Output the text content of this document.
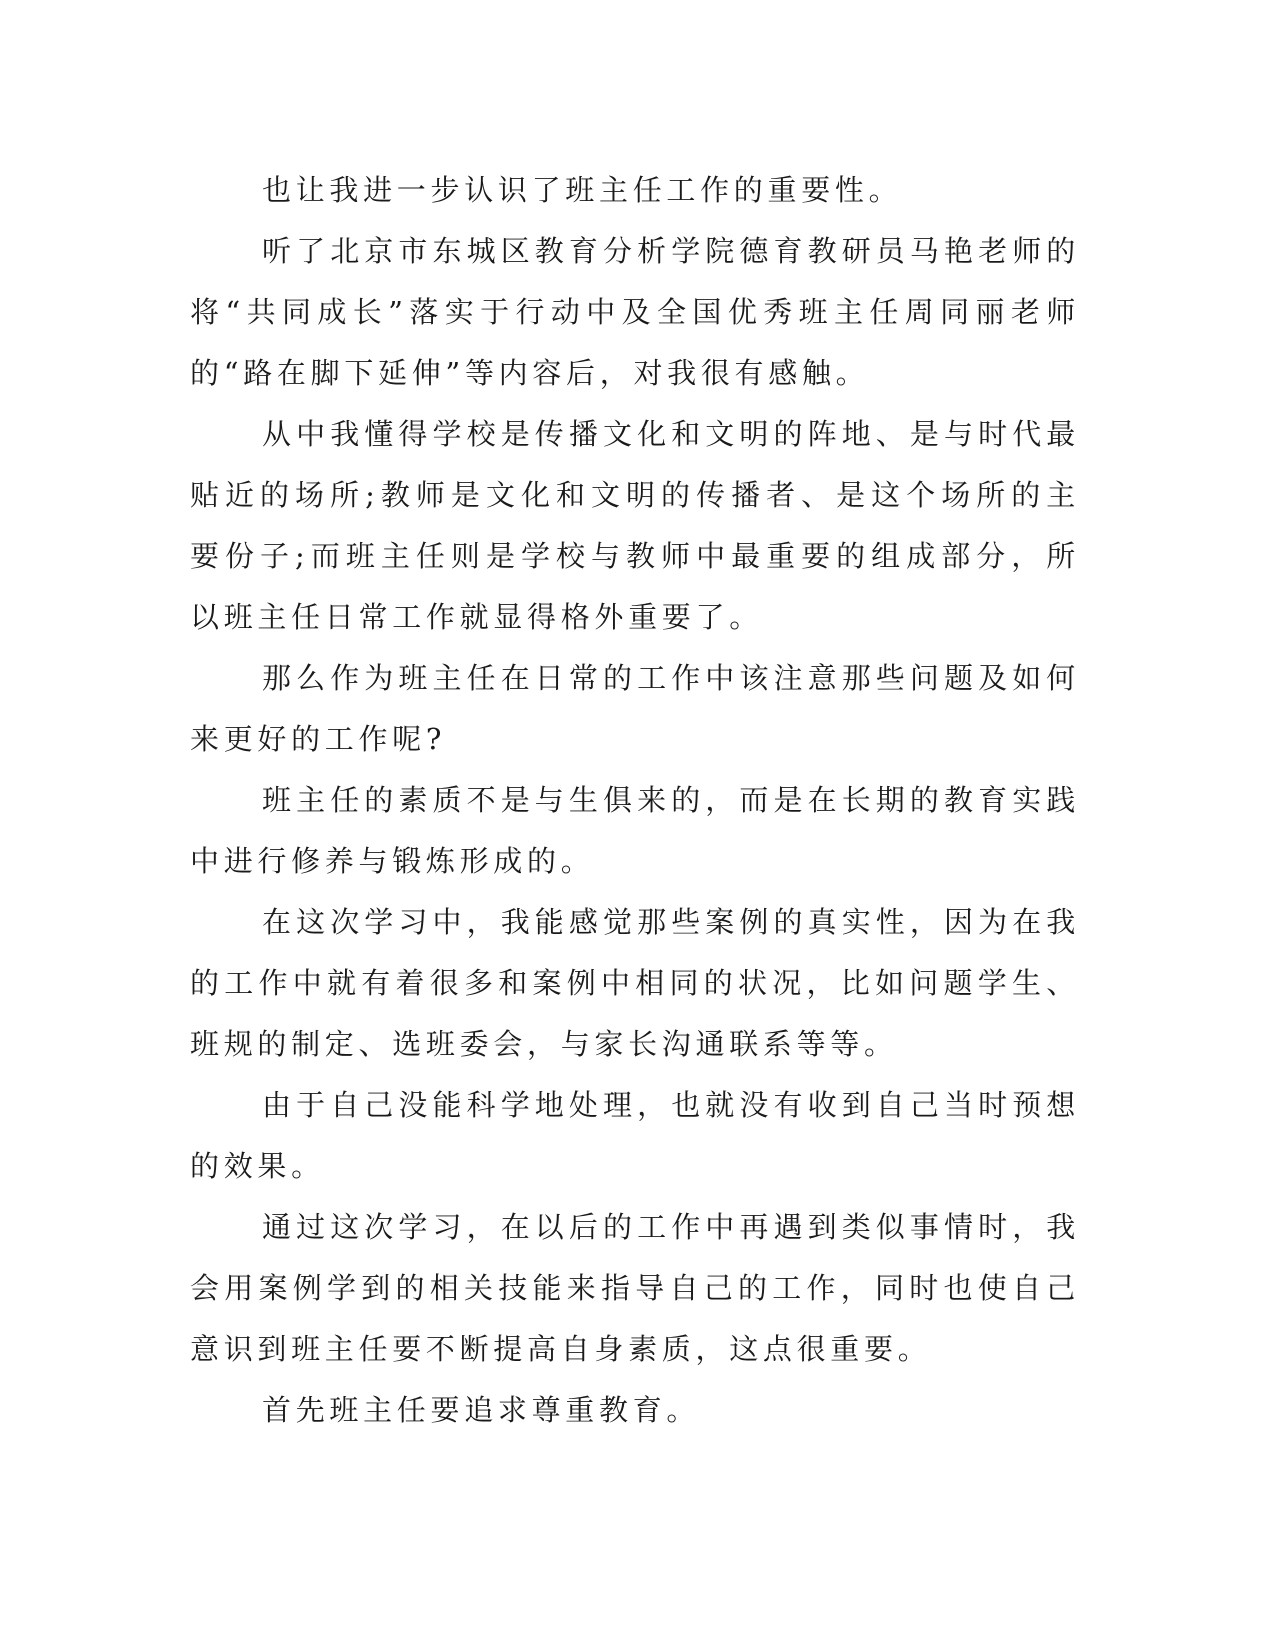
也让我进一步认识了班主任工作的重要性。

听了北京市东城区教育分析学院德育教研员马艳老师的将“共同成长”落实于行动中及全国优秀班主任周同丽老师的“路在脚下延伸”等内容后，对我很有感触。

从中我懂得学校是传播文化和文明的阵地、是与时代最贴近的场所;教师是文化和文明的传播者、是这个场所的主要份子;而班主任则是学校与教师中最重要的组成部分，所以班主任日常工作就显得格外重要了。

那么作为班主任在日常的工作中该注意那些问题及如何来更好的工作呢?

班主任的素质不是与生俱来的，而是在长期的教育实践中进行修养与锻炼形成的。

在这次学习中，我能感觉那些案例的真实性，因为在我的工作中就有着很多和案例中相同的状况，比如问题学生、班规的制定、选班委会，与家长沟通联系等等。

由于自己没能科学地处理，也就没有收到自己当时预想的效果。

通过这次学习，在以后的工作中再遇到类似事情时，我会用案例学到的相关技能来指导自己的工作，同时也使自己意识到班主任要不断提高自身素质，这点很重要。

首先班主任要追求尊重教育。
